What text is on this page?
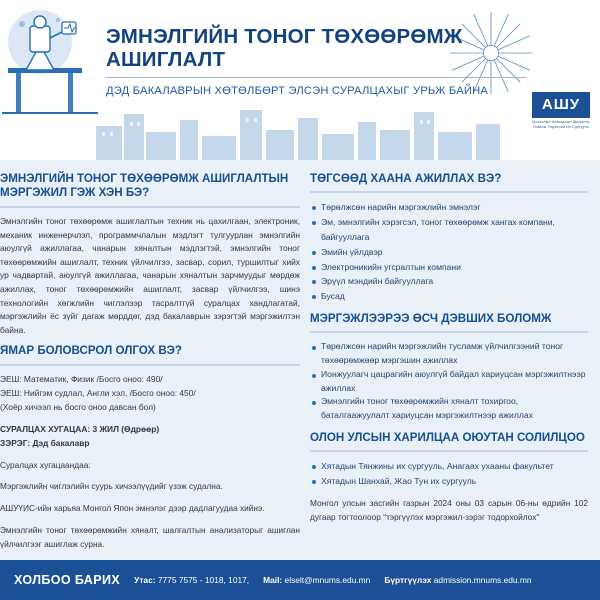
ЭМНЭЛГИЙН ТОНОГ ТӨХӨӨРӨМЖ АШИГЛАЛТ
ДЭД БАКАЛАВРЫН ХӨТӨЛБӨРТ ЭЛСЭН СУРАЛЦАХЫГ УРЬЖ БАЙНА
АШУ
Монголын Анагаахын Шинжлэх Ухааны Үндэсний Их Сургууль
ЭМНЭЛГИЙН ТОНОГ ТӨХӨӨРӨМЖ АШИГЛАЛТЫН МЭРГЭЖИЛ ГЭЖ ХЭН БЭ?
Эмнэлгийн тоног төхөөрөмж ашиглалтын техник нь цахилгаан, электроник, механик инженерчлэл, программчлалын мэдлэгт тулгуурлан эмнэлгийн аюулгүй ажиллагаа, чанарын хяналтын мэдлэгтэй, эмнэлгийн тоног төхөөрөмжийн ашиглалт, техник үйлчилгээ, засвар, сорил, туршилтыг хийх ур чадвартай, аюулгүй ажиллагаа, чанарын хяналтын зарчмуудыг мөрдөж ажиллах, тоног төхөөрөмжийн ашиглалт, засвар үйлчилгээ, шинэ технологийн хөгжлийн чиглэлээр тасралтгүй суралцах хандлагатай, мэргэжлийн ёс зүйг дагаж мөрддөг, дэд бакалаврын зэрэгтэй мэргэжилтэн байна.
ЯМАР БОЛОВСРОЛ ОЛГОХ ВЭ?
ЭЕШ: Математик, Физик /Босго оноо: 490/
ЭЕШ: Нийгэм судлал, Англи хэл, /Босго оноо: 450/
(Хоёр хичээл нь босго оноо давсан бол)
СУРАЛЦАХ ХУГАЦАА: 3 ЖИЛ (Өдрөөр)
ЗЭРЭГ: Дэд бакалавр
Суралцах хугацаандаа:
Мэргэжлийн чиглэлийн суурь хичээлүүдийг үзэж судална.
АШУҮИС-ийн харьяа Монгол Япон эмнэлэг дээр дадлагуудаа хийнэ.
Эмнэлгийн тоног төхөөрөмжийн хяналт, шалгалтын анализаторыг ашиглан үйлчилгээг ашиглаж сурна.
ТӨГСӨӨД ХААНА АЖИЛЛАХ ВЭ?
Төрөлжсөн нарийн мэргэжлийн эмнэлэг
Эм, эмнэлгийн хэрэгсэл, тоног төхөөрөмж хангах компани, байгууллага
Эмийн үйлдвэр
Электроникийн угсралтын компани
Эрүүл мэндийн байгууллага
Бусад
МЭРГЭЖЛЭЭРЭЭ ӨСЧ ДЭВШИХ БОЛОМЖ
Төрөлжсөн нарийн мэргэжлийн тусламж үйлчилгээний тоног төхөөрөмжөөр мэргэшин ажиллах
Ионжуулагч цацрагийн аюулгүй байдал хариуцсан мэргэжилтнээр ажиллах
Эмнэлгийн тоног төхөөрөмжийн хяналт тохиргоо, баталгаажуулалт хариуцсан мэргэжилтнээр ажиллах
ОЛОН УЛСЫН ХАРИЛЦАА ОЮУТАН СОЛИЛЦОО
Хятадын Тянжины их сургууль, Анагаах ухааны факультет
Хятадын Шанхай, Жао Тун их сургууль
Монгол улсын засгийн газрын 2024 оны 03 сарын 06-ны өдрийн 102 дугаар тогтоолоор "тэргүүлэх мэргэжил-зэрэг тодорхойлох"
ХОЛБОО БАРИХ Утас: 7775 7575 - 1018, 1017, Mail: elselt@mnums.edu.mn Бүртгүүлэх admission.mnums.edu.mn
